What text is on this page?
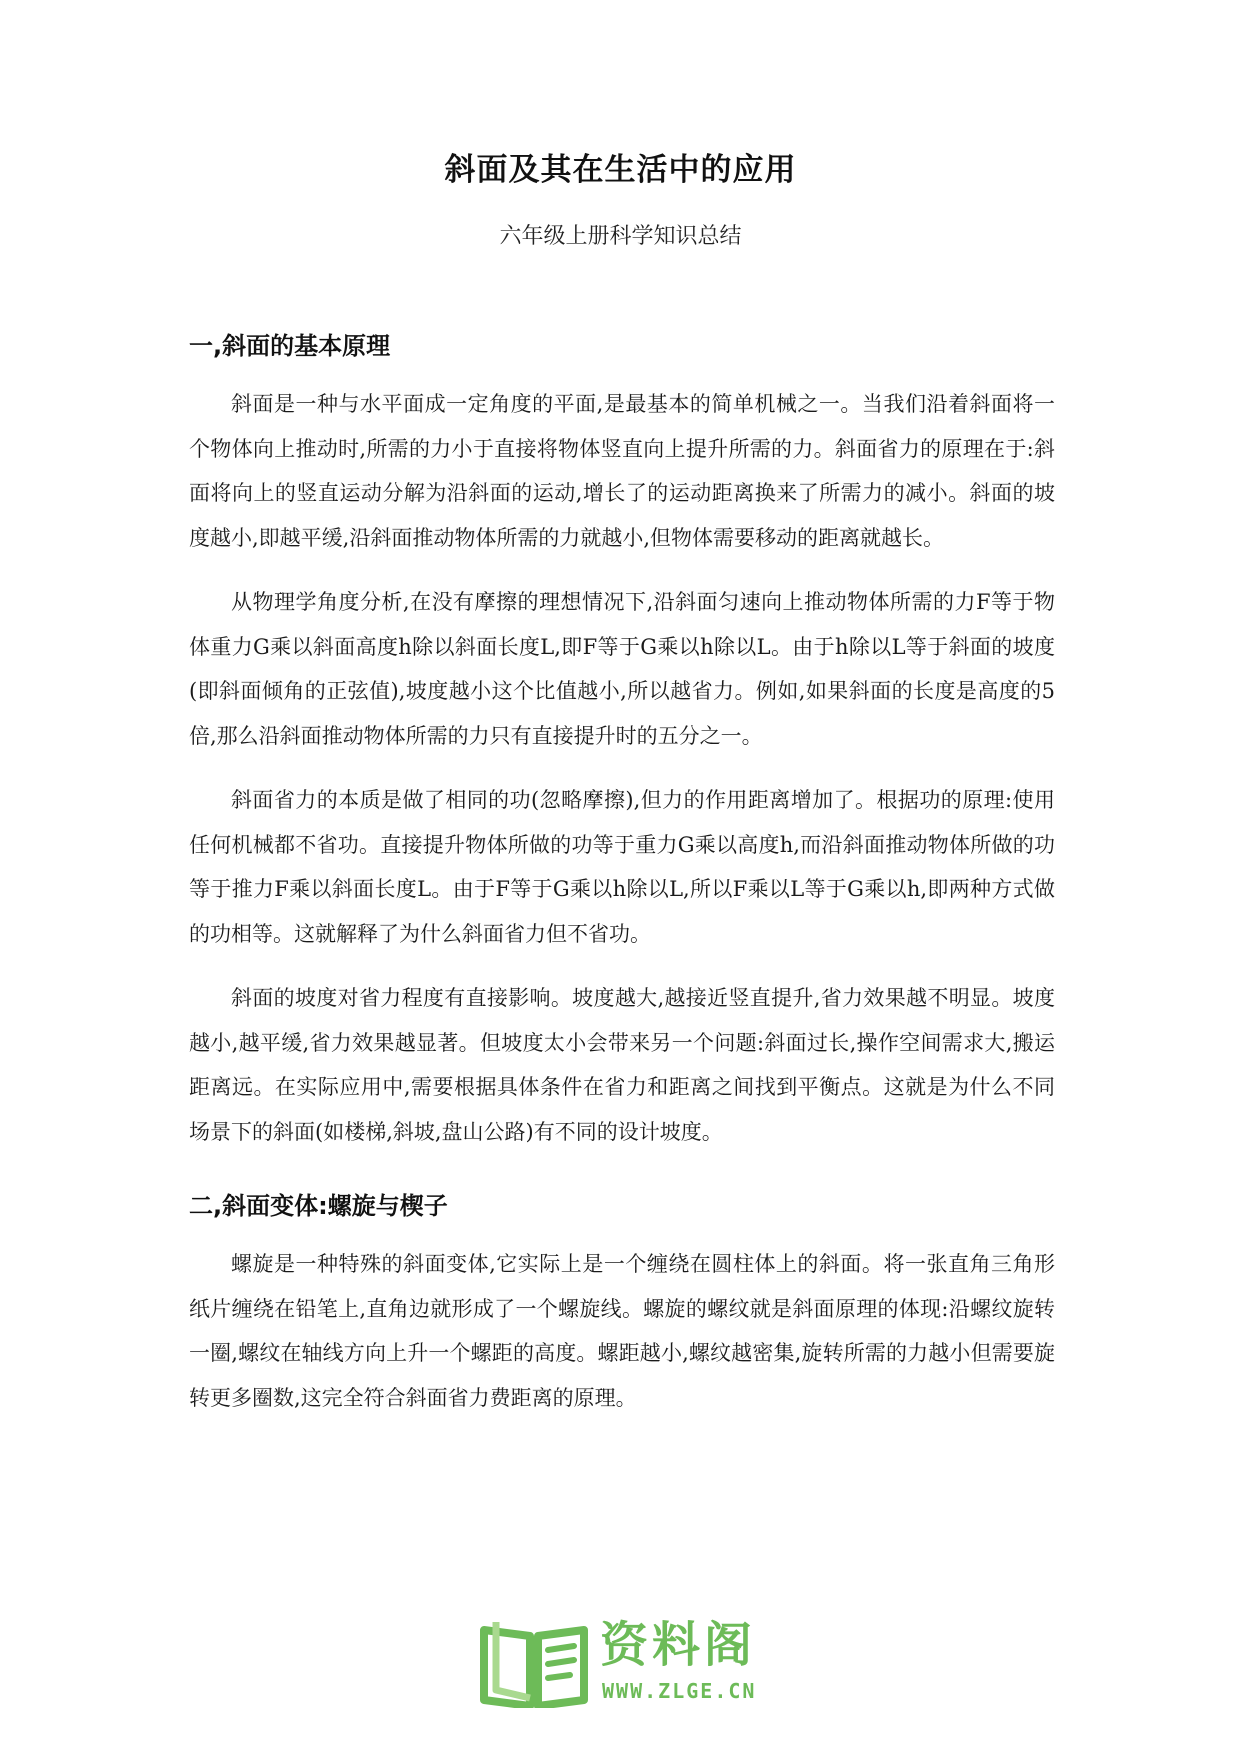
斜面及其在生活中的应用

六年级上册科学知识总结

一,斜面的基本原理

斜面是一种与水平面成一定角度的平面,是最基本的简单机械之一。当我们沿着斜面将一个物体向上推动时,所需的力小于直接将物体竖直向上提升所需的力。斜面省力的原理在于:斜面将向上的竖直运动分解为沿斜面的运动,增长了的运动距离换来了所需力的减小。斜面的坡度越小,即越平缓,沿斜面推动物体所需的力就越小,但物体需要移动的距离就越长。

从物理学角度分析,在没有摩擦的理想情况下,沿斜面匀速向上推动物体所需的力F等于物体重力G乘以斜面高度h除以斜面长度L,即F等于G乘以h除以L。由于h除以L等于斜面的坡度(即斜面倾角的正弦值),坡度越小这个比值越小,所以越省力。例如,如果斜面的长度是高度的5倍,那么沿斜面推动物体所需的力只有直接提升时的五分之一。

斜面省力的本质是做了相同的功(忽略摩擦),但力的作用距离增加了。根据功的原理:使用任何机械都不省功。直接提升物体所做的功等于重力G乘以高度h,而沿斜面推动物体所做的功等于推力F乘以斜面长度L。由于F等于G乘以h除以L,所以F乘以L等于G乘以h,即两种方式做的功相等。这就解释了为什么斜面省力但不省功。

斜面的坡度对省力程度有直接影响。坡度越大,越接近竖直提升,省力效果越不明显。坡度越小,越平缓,省力效果越显著。但坡度太小会带来另一个问题:斜面过长,操作空间需求大,搬运距离远。在实际应用中,需要根据具体条件在省力和距离之间找到平衡点。这就是为什么不同场景下的斜面(如楼梯,斜坡,盘山公路)有不同的设计坡度。

二,斜面变体:螺旋与楔子

螺旋是一种特殊的斜面变体,它实际上是一个缠绕在圆柱体上的斜面。将一张直角三角形纸片缠绕在铅笔上,直角边就形成了一个螺旋线。螺旋的螺纹就是斜面原理的体现:沿螺纹旋转一圈,螺纹在轴线方向上升一个螺距的高度。螺距越小,螺纹越密集,旋转所需的力越小但需要旋转更多圈数,这完全符合斜面省力费距离的原理。

资料阁
WWW.ZLGE.CN
